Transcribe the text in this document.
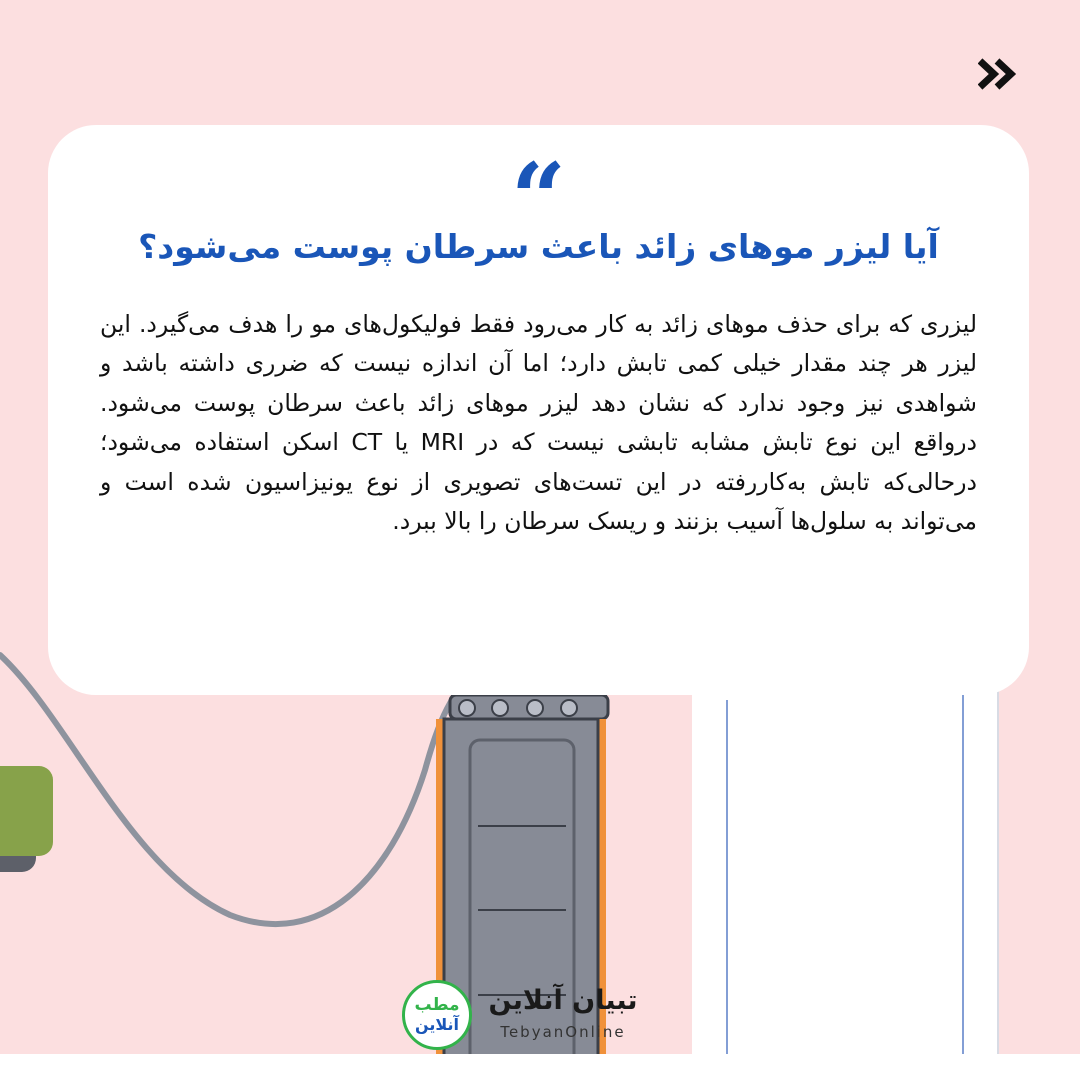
“
آیا لیزر موهای زائد باعث سرطان پوست می‌شود؟
لیزری که برای حذف موهای زائد به کار می‌رود فقط فولیکول‌های مو را هدف می‌گیرد. این لیزر هر چند مقدار خیلی کمی تابش دارد؛ اما آن اندازه نیست که ضرری داشته باشد و شواهدی نیز وجود ندارد که نشان دهد لیزر موهای زائد باعث سرطان پوست می‌شود. درواقع این نوع تابش مشابه تابشی نیست که در MRI یا CT اسکن استفاده می‌شود؛ درحالی‌که تابش به‌کاررفته در این تست‌های تصویری از نوع یونیزاسیون شده است و می‌تواند به سلول‌ها آسیب بزنند و ریسک سرطان را بالا ببرد.
مطب
آنلاین
تبیان آنلاین
TebyanOnline
